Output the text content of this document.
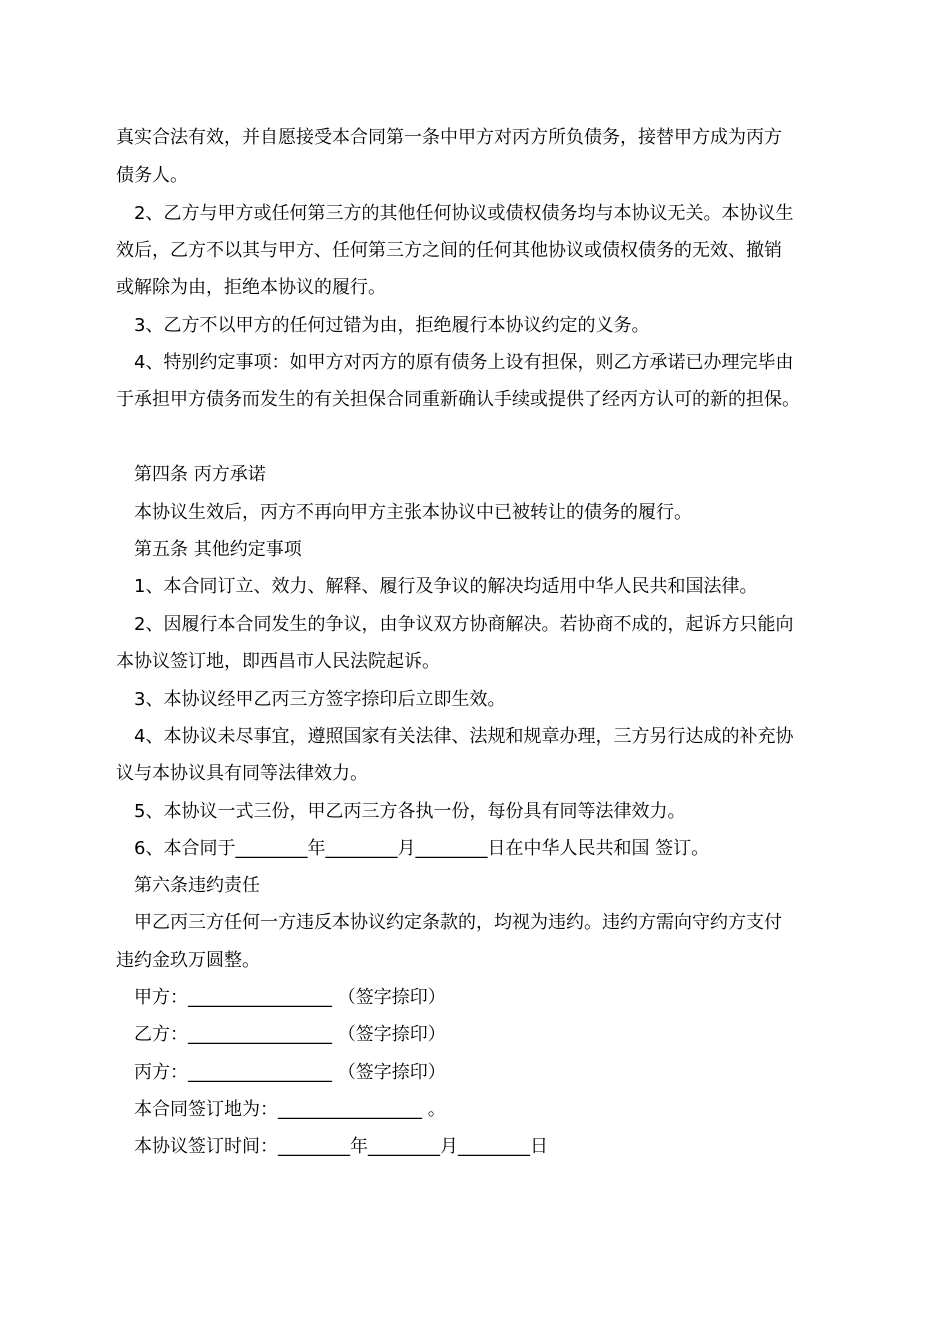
真实合法有效，并自愿接受本合同第一条中甲方对丙方所负债务，接替甲方成为丙方
债务人。
2、乙方与甲方或任何第三方的其他任何协议或债权债务均与本协议无关。本协议生
效后，乙方不以其与甲方、任何第三方之间的任何其他协议或债权债务的无效、撤销
或解除为由，拒绝本协议的履行。
3、乙方不以甲方的任何过错为由，拒绝履行本协议约定的义务。
4、特别约定事项：如甲方对丙方的原有债务上设有担保，则乙方承诺已办理完毕由
于承担甲方债务而发生的有关担保合同重新确认手续或提供了经丙方认可的新的担保。
第四条 丙方承诺
本协议生效后，丙方不再向甲方主张本协议中已被转让的债务的履行。
第五条 其他约定事项
1、本合同订立、效力、解释、履行及争议的解决均适用中华人民共和国法律。
2、因履行本合同发生的争议，由争议双方协商解决。若协商不成的，起诉方只能向
本协议签订地，即西昌市人民法院起诉。
3、本协议经甲乙丙三方签字捺印后立即生效。
4、本协议未尽事宜，遵照国家有关法律、法规和规章办理，三方另行达成的补充协
议与本协议具有同等法律效力。
5、本协议一式三份，甲乙丙三方各执一份，每份具有同等法律效力。
6、本合同于________年________月________日在中华人民共和国 签订。
第六条违约责任
甲乙丙三方任何一方违反本协议约定条款的，均视为违约。违约方需向守约方支付
违约金玖万圆整。
甲方：________________ （签字捺印）
乙方：________________ （签字捺印）
丙方：________________ （签字捺印）
本合同签订地为：________________ 。
本协议签订时间：________年________月________日
